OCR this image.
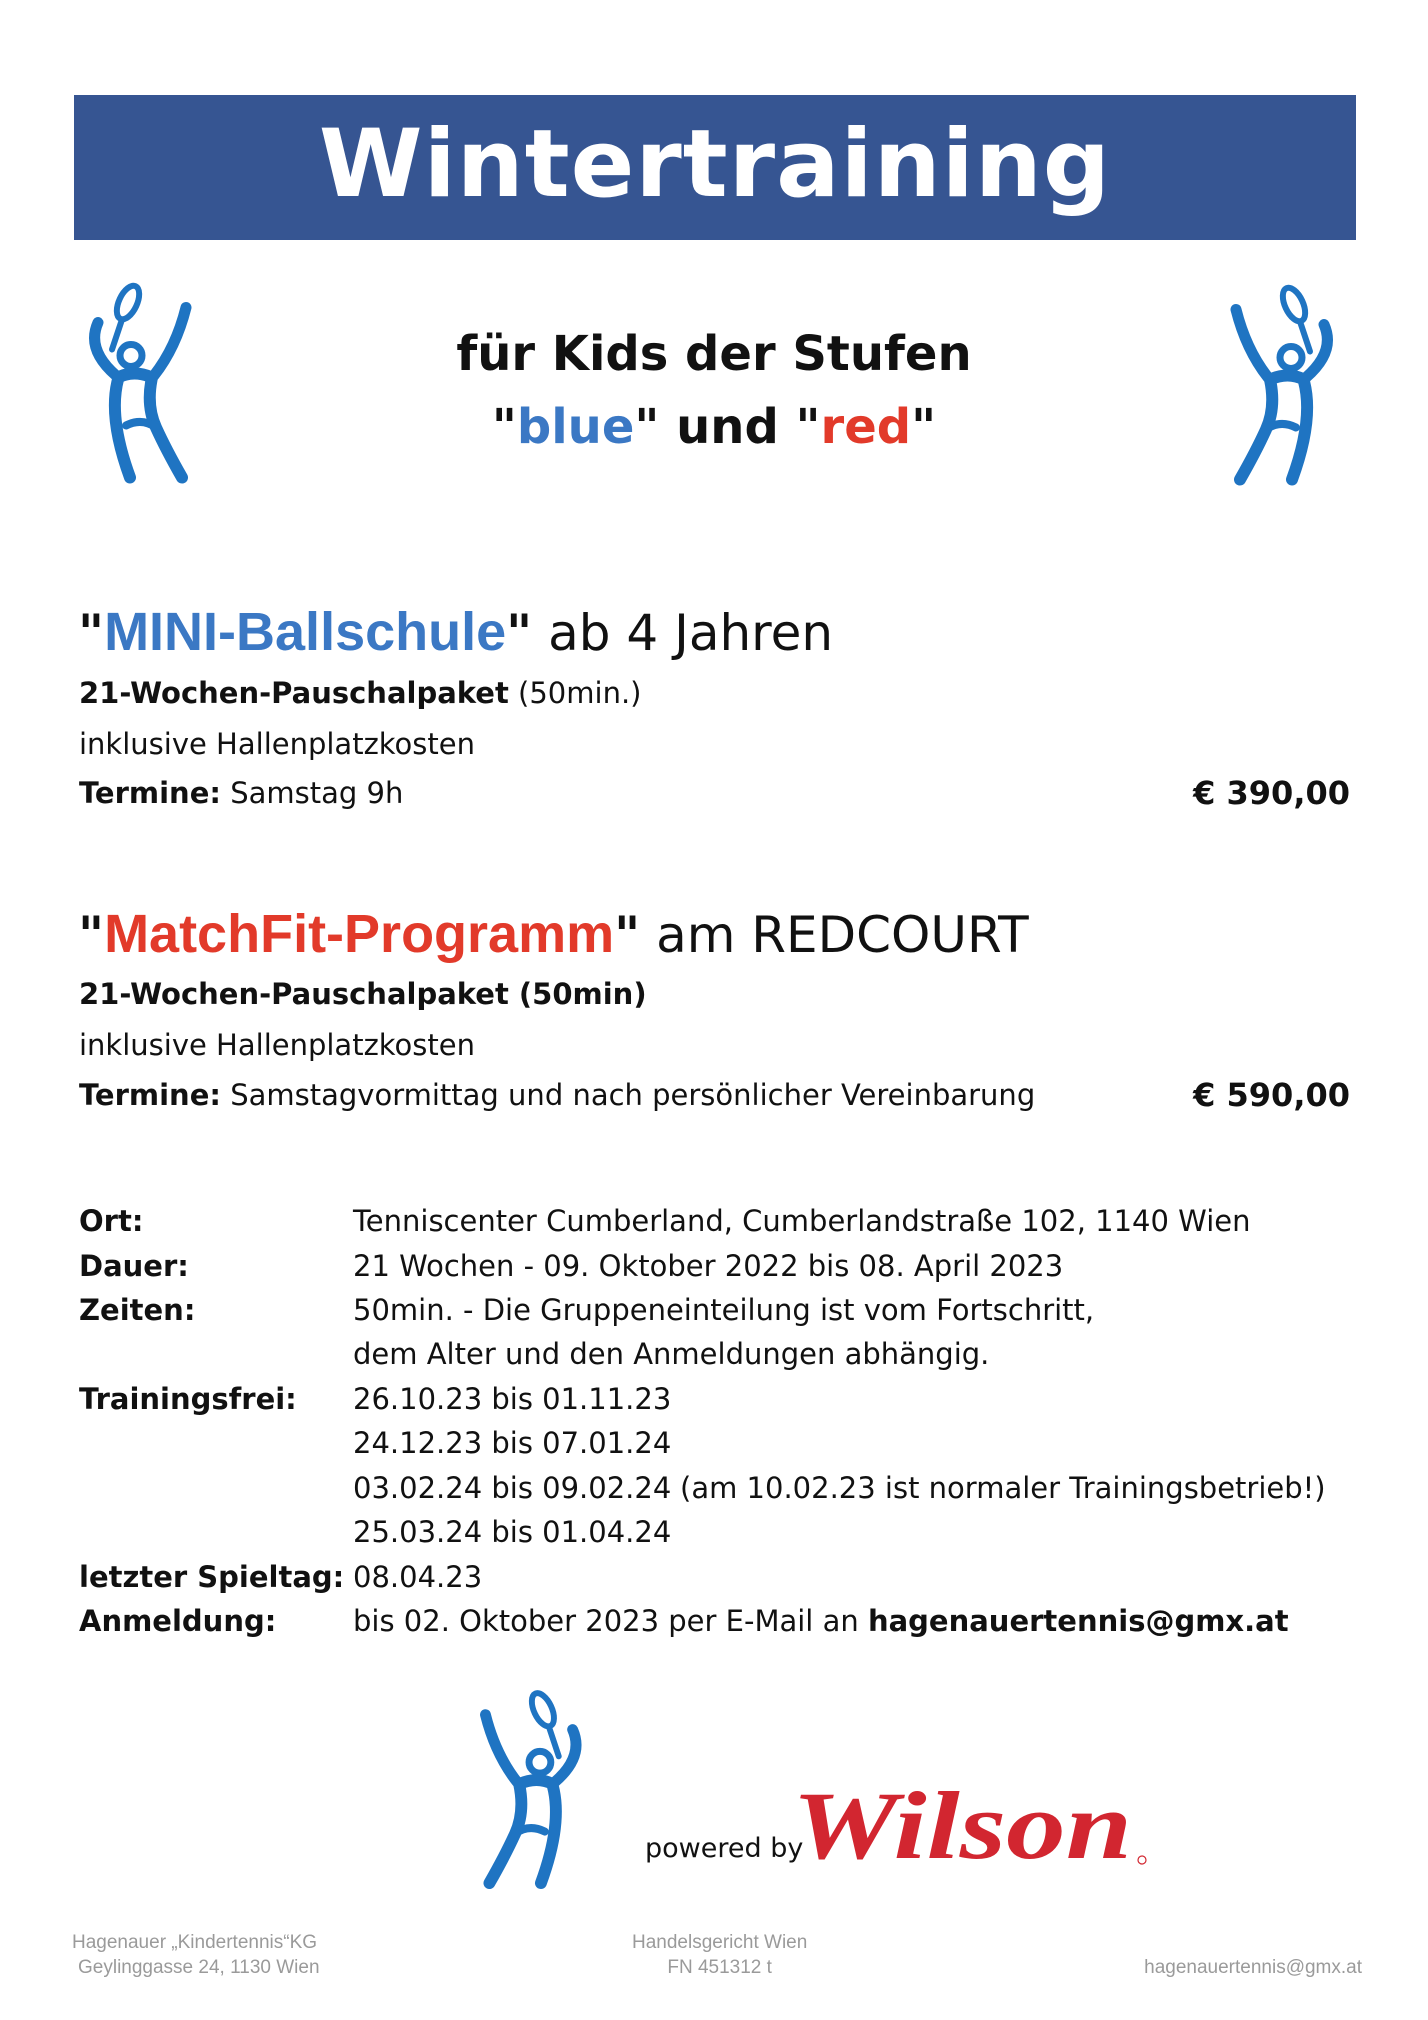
Wintertraining
für Kids der Stufen
"blue" und "red"
"MINI-Ballschule" ab 4 Jahren
21-Wochen-Pauschalpaket (50min.)
inklusive Hallenplatzkosten
Termine: Samstag 9h	€ 390,00
"MatchFit-Programm" am REDCOURT
21-Wochen-Pauschalpaket (50min)
inklusive Hallenplatzkosten
Termine: Samstagvormittag und nach persönlicher Vereinbarung	€ 590,00
Ort:	Tenniscenter Cumberland, Cumberlandstraße 102, 1140 Wien
Dauer:	21 Wochen - 09. Oktober 2022 bis 08. April 2023
Zeiten:	50min. - Die Gruppeneinteilung ist vom Fortschritt,
dem Alter und den Anmeldungen abhängig.
Trainingsfrei: 26.10.23 bis 01.11.23
24.12.23 bis 07.01.24
03.02.24 bis 09.02.24 (am 10.02.23 ist normaler Trainingsbetrieb!)
25.03.24 bis 01.04.24
letzter Spieltag: 08.04.23
Anmeldung:	bis 02. Oktober 2023 per E-Mail an hagenauertennis@gmx.at
powered by
Wilson
Hagenauer „Kindertennis“KG
Geylinggasse 24, 1130 Wien
Handelsgericht Wien
FN 451312 t	hagenauertennis@gmx.at
